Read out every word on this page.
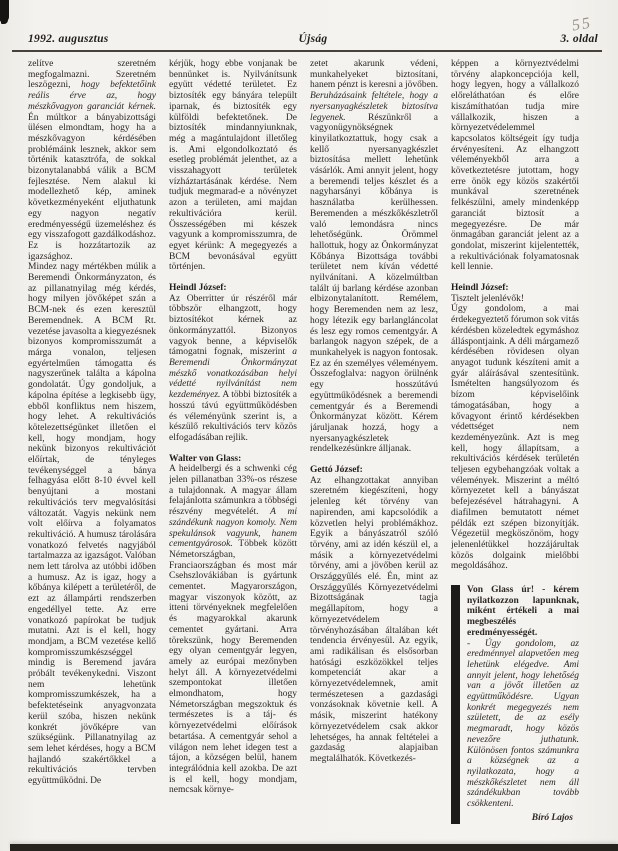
55
1992. augusztus	Újság	3. oldal

zelítve szeretném megfogalmazni. Szeretném leszögezni, hogy befektetőink reális érve az, hogy mészkővagyon garanciát kérnek. Én múltkor a bányabizottsági ülésen elmondtam, hogy ha a mészkővagyon kérdésében problémáink lesznek, akkor sem történik katasztrófa, de sokkal bizonytalanabbá válik a BCM fejlesztése. Nem alakul ki modellezhető kép, aminek következményeként eljuthatunk egy nagyon negatív eredményességű üzemeléshez és egy visszafogott gazdálkodáshoz. Ez is hozzátartozik az igazsághoz.

Mindez nagy mértékben múlik a Beremendi Önkormányzaton, és az pillanatnyilag még kérdés, hogy milyen jövőképet szán a BCM-nek és ezen keresztül Beremendnek. A BCM Rt. vezetése javasolta a kiegyezésnek bizonyos kompromisszumát a márga vonalon, teljesen egyértelműen támogatta és nagyszerűnek találta a kápolna gondolatát. Úgy gondoljuk, a kápolna építése a legkisebb ügy, ebből konfliktus nem hiszem, hogy lehet. A rekultivációs kötelezettségünket illetően el kell, hogy mondjam, hogy nekünk bizonyos rekultivációt előírtak, de tényleges tevékenységgel a bánya felhagyása előtt 8-10 évvel kell benyújtani a mostani rekultivációs terv megvalósítási változatát. Vagyis nekünk nem volt előírva a folyamatos rekultiváció. A humusz tárolására vonatkozó felvetés nagyjából tartalmazza az igazságot. Valóban nem lett tárolva az utóbbi időben a humusz. Az is igaz, hogy a kőbánya kilépett a területéről, de ezt az állampárti rendszerben engedéllyel tette. Az erre vonatkozó papírokat be tudjuk mutatni. Azt is el kell, hogy mondjam, a BCM vezetése kellő kompromisszumkészséggel mindig is Beremend javára próbált tevékenykedni. Viszont nem lehetünk kompromisszumkészek, ha a befektetéseink anyagvonzata kerül szóba, hiszen nekünk konkrét jövőképre van szükségünk. Pillanatnyilag az sem lehet kérdéses, hogy a BCM hajlandó szakértőkkel a rekultivációs tervben együttműködni. De

kérjük, hogy ebbe vonjanak be bennünket is. Nyilvánítsunk együtt védetté területet. Ez biztosíték egy bányára települt iparnak, és biztosíték egy külföldi befektetőnek. De biztosíték mindannyiunknak, még a magántulajdont illetőleg is. Ami elgondolkoztató és esetleg problémát jelenthet, az a visszahagyott területek vízháztartásának kérdése. Nem tudjuk megmarad-e a növényzet azon a területen, ami majdan rekultivációra kerül. Összességében mi készek vagyunk a kompromisszumra, de egyet kérünk: A megegyezés a BCM bevonásával együtt történjen.

Heindl József:

Az Oberritter úr részéről már többször elhangzott, hogy biztosítékot kérnek az önkormányzattól. Bizonyos vagyok benne, a képviselők támogatni fognak, miszerint a Beremendi Önkormányzat mészkő vonatkozásában helyi védetté nyilvánítást nem kezdeményez. A többi biztosíték a hosszú távú együttműködésben és véleményünk szerint is, a készülő rekultivációs terv közös elfogadásában rejlik.

Walter von Glass:

A heidelbergi és a schwenki cég jelen pillanatban 33%-os részese a tulajdonnak. A magyar állam felajánlotta számunkra a többségi részvény megvételét. A mi szándékunk nagyon komoly. Nem spekulánsok vagyunk, hanem cementgyárosok. Többek között Németországban, Franciaországban és most már Csehszlovákiában is gyártunk cementet. Magyarországon, magyar viszonyok között, az itteni törvényeknek megfelelően és magyarokkal akarunk cementet gyártani. Arra törekszünk, hogy Beremenden egy olyan cementgyár legyen, amely az európai mezőnyben helyt áll. A környezetvédelmi szempontokat illetően elmondhatom, hogy Németországban megszoktuk és természetes is a táj- és környezetvédelmi előírások betartása. A cementgyár sehol a világon nem lehet idegen test a tájon, a községen belül, hanem integrálódnia kell azokba. De azt is el kell, hogy mondjam, nemcsak környe-

zetet akarunk védeni, munkahelyeket biztosítani, hanem pénzt is keresni a jövőben. Beruházásaink feltétele, hogy a nyersanyagkészletek biztosítva legyenek. Részünkről a vagyonügynökségnek kinyilatkoztattuk, hogy csak a kellő nyersanyagkészlet biztosítása mellett lehetünk vásárlók. Ami annyit jelent, hogy a beremendi teljes készlet és a nagyharsányi kőbánya is használatba kerülhessen. Beremenden a mészkőkészletről való lemondásra nincs lehetőségünk. Örömmel hallottuk, hogy az Önkormányzat Kőbánya Bizottsága további területet nem kíván védetté nyilvánítani. A közelmúltban talált új barlang kérdése azonban elbizonytalanított. Remélem, hogy Beremenden nem az lesz, hogy létezik egy barlangláncolat és lesz egy romos cementgyár. A barlangok nagyon szépek, de a munkahelyek is nagyon fontosak. Ez az én személyes véleményem. Összefoglalva: nagyon örülnénk egy hosszútávú együttműködésnek a beremendi cementgyár és a Beremendi Önkormányzat között. Kérem járuljanak hozzá, hogy a nyersanyagkészletek rendelkezésünkre álljanak.

Gettó József:

Az elhangzottakat annyiban szeretném kiegészíteni, hogy jelenleg két törvény van napirenden, ami kapcsolódik a közvetlen helyi problémákhoz. Egyik a bányászatról szóló törvény, ami az idén készül el, a másik a környezetvédelmi törvény, ami a jövőben kerül az Országgyűlés elé. Én, mint az Országgyűlés Környezetvédelmi Bizottságának tagja megállapítom, hogy a környezetvédelem törvényhozásában általában két tendencia érvényesül. Az egyik, ami radikálisan és elsősorban hatósági eszközökkel teljes kompetenciát akar a környezetvédelemnek, amit természetesen a gazdasági vonzásoknak követnie kell. A másik, miszerint hatékony környezetvédelem csak akkor lehetséges, ha annak feltételei a gazdaság alapjaiban megtalálhatók. Következés-

képpen a környeztvédelmi törvény alapkoncepciója kell, hogy legyen, hogy a vállalkozó előreláthatóan és előre kiszámíthatóan tudja mire vállalkozik, hiszen a környezetvédelemmel kapcsolatos költségeit így tudja érvényesíteni. Az elhangzott véleményekből arra a következtetésre jutottam, hogy erre önök egy közös szakértői munkával szeretnének felkészülni, amely mindenképp garanciát biztosít a megegyezésre. De már önmagában garanciát jelent az a gondolat, miszerint kijelentették, a rekultivációnak folyamatosnak kell lennie.

Heindl József:

Tisztelt jelenlévők!

Úgy gondolom, a mai érdekegyeztető fórumon sok vitás kérdésben közeledtek egymáshoz álláspontjaink. A déli márgamező kérdésében rövidesen olyan anyagot tudunk készíteni amit a gyár aláírásával szentesítünk. Ismételten hangsúlyozom és bízom képviselőink támogatásában, hogy a kővagyont érintő kérdésekben védettséget nem kezdeményezünk. Azt is meg kell, hogy állapítsam, a rekultivációs kérdések területén teljesen egybehangzóak voltak a vélemények. Miszerint a méltó környezetet kell a bányászat befejezésével hátrahagyni. A diafilmen bemutatott német példák ezt szépen bizonyítják. Végezetül megköszönöm, hogy jelenenlétükkel hozzájárultak közös dolgaink mielőbbi megoldásához.

Von Glass úr! - kérem nyilatkozzon lapunknak, miként értékeli a mai megbeszélés eredményességét.

- Úgy gondolom, az eredménnyel alapvetően meg lehetünk elégedve. Ami annyit jelent, hogy lehetőség van a jövőt illetően az együttműködésre. Ugyan konkrét megegyezés nem született, de az esély megmaradt, hogy közös nevezőre juthatunk. Különösen fontos számunkra a községnek az a nyilatkozata, hogy a mészkőkészletet nem áll szándékukban tovább csökkenteni.

Bíró Lajos
